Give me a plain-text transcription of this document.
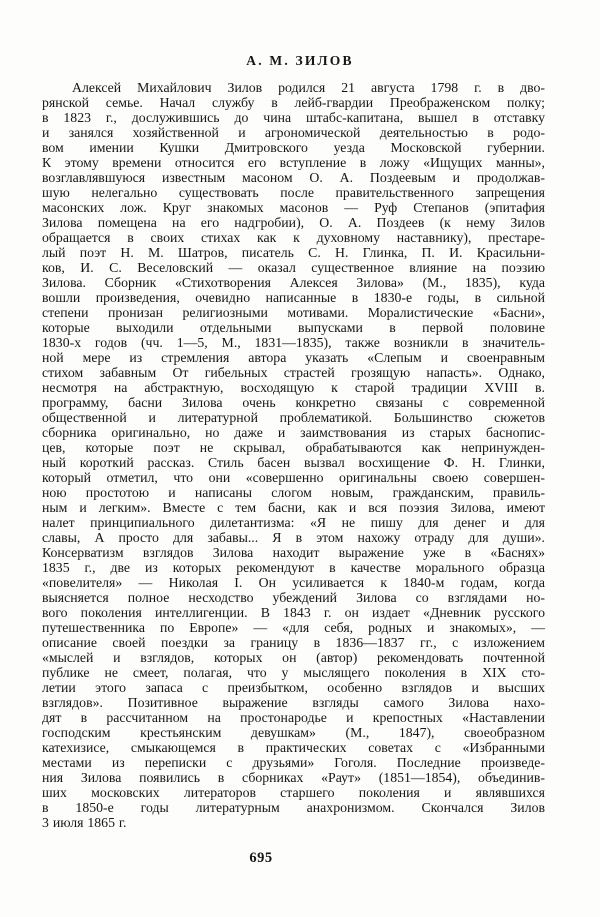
А. М. ЗИЛОВ
Алексей Михайлович Зилов родился 21 августа 1798 г. в дво-
рянской семье. Начал службу в лейб-гвардии Преображенском полку;
в 1823 г., дослужившись до чина штабс-капитана, вышел в отставку
и занялся хозяйственной и агрономической деятельностью в родо-
вом имении Кушки Дмитровского уезда Московской губернии.
К этому времени относится его вступление в ложу «Ищущих манны»,
возглавлявшуюся известным масоном О. А. Поздеевым и продолжав-
шую нелегально существовать после правительственного запрещения
масонских лож. Круг знакомых масонов — Руф Степанов (эпитафия
Зилова помещена на его надгробии), О. А. Поздеев (к нему Зилов
обращается в своих стихах как к духовному наставнику), престаре-
лый поэт Н. М. Шатров, писатель С. Н. Глинка, П. И. Красильни-
ков, И. С. Веселовский — оказал существенное влияние на поэзию
Зилова. Сборник «Стихотворения Алексея Зилова» (М., 1835), куда
вошли произведения, очевидно написанные в 1830-е годы, в сильной
степени пронизан религиозными мотивами. Моралистические «Басни»,
которые выходили отдельными выпусками в первой половине
1830-х годов (чч. 1—5, М., 1831—1835), также возникли в значитель-
ной мере из стремления автора указать «Слепым и своенравным
стихом забавным От гибельных страстей грозящую напасть». Однако,
несмотря на абстрактную, восходящую к старой традиции XVIII в.
программу, басни Зилова очень конкретно связаны с современной
общественной и литературной проблематикой. Большинство сюжетов
сборника оригинально, но даже и заимствования из старых баснопис-
цев, которые поэт не скрывал, обрабатываются как непринужден-
ный короткий рассказ. Стиль басен вызвал восхищение Ф. Н. Глинки,
который отметил, что они «совершенно оригинальны своею совершен-
ною простотою и написаны слогом новым, гражданским, правиль-
ным и легким». Вместе с тем басни, как и вся поэзия Зилова, имеют
налет принципиального дилетантизма: «Я не пишу для денег и для
славы, А просто для забавы... Я в этом нахожу отраду для души».
Консерватизм взглядов Зилова находит выражение уже в «Баснях»
1835 г., две из которых рекомендуют в качестве морального образца
«повелителя» — Николая I. Он усиливается к 1840-м годам, когда
выясняется полное несходство убеждений Зилова со взглядами но-
вого поколения интеллигенции. В 1843 г. он издает «Дневник русского
путешественника по Европе» — «для себя, родных и знакомых», —
описание своей поездки за границу в 1836—1837 гг., с изложением
«мыслей и взглядов, которых он (автор) рекомендовать почтенной
публике не смеет, полагая, что у мыслящего поколения в XIX сто-
летии этого запаса с преизбытком, особенно взглядов и высших
взглядов». Позитивное выражение взгляды самого Зилова нахо-
дят в рассчитанном на простонародье и крепостных «Наставлении
господским крестьянским девушкам» (М., 1847), своеобразном
катехизисе, смыкающемся в практических советах с «Избранными
местами из переписки с друзьями» Гоголя. Последние произведе-
ния Зилова появились в сборниках «Раут» (1851—1854), объединив-
ших московских литераторов старшего поколения и являвшихся
в 1850-е годы литературным анахронизмом. Скончался Зилов
3 июля 1865 г.
695
